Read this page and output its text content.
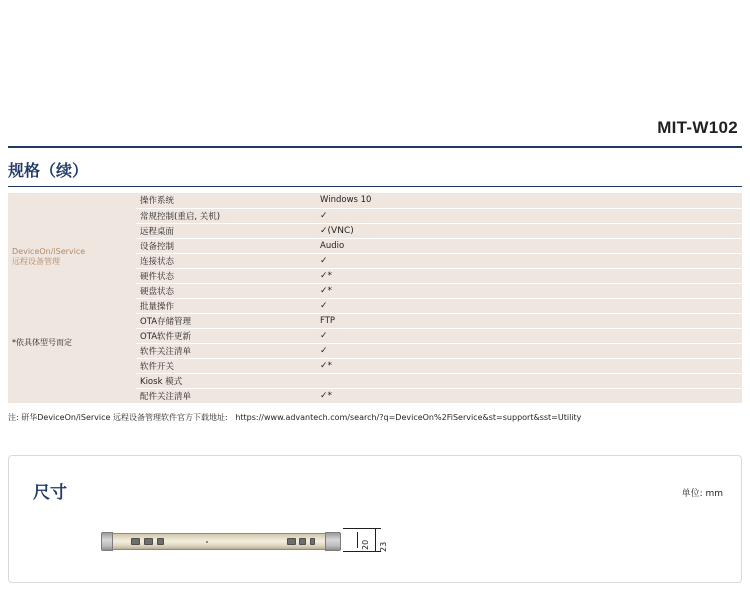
MIT-W102
规格（续）
DeviceOn/iService
远程设备管理
*依具体型号而定	操作系统	Windows 10
	常规控制(重启, 关机)	✓
	远程桌面	✓(VNC)
	设备控制	Audio
	连接状态	✓
	硬件状态	✓*
	硬盘状态	✓*
	批量操作	✓
	OTA存储管理	FTP
	OTA软件更新	✓
	软件关注清单	✓
	软件开关	✓*
	Kiosk 模式	
	配件关注清单	✓*
注: 研华DeviceOn/iService 远程设备管理软件官方下载地址: https://www.advantech.com/search/?q=DeviceOn%2FiService&st=support&sst=Utility
尺寸	单位: mm
20 23
